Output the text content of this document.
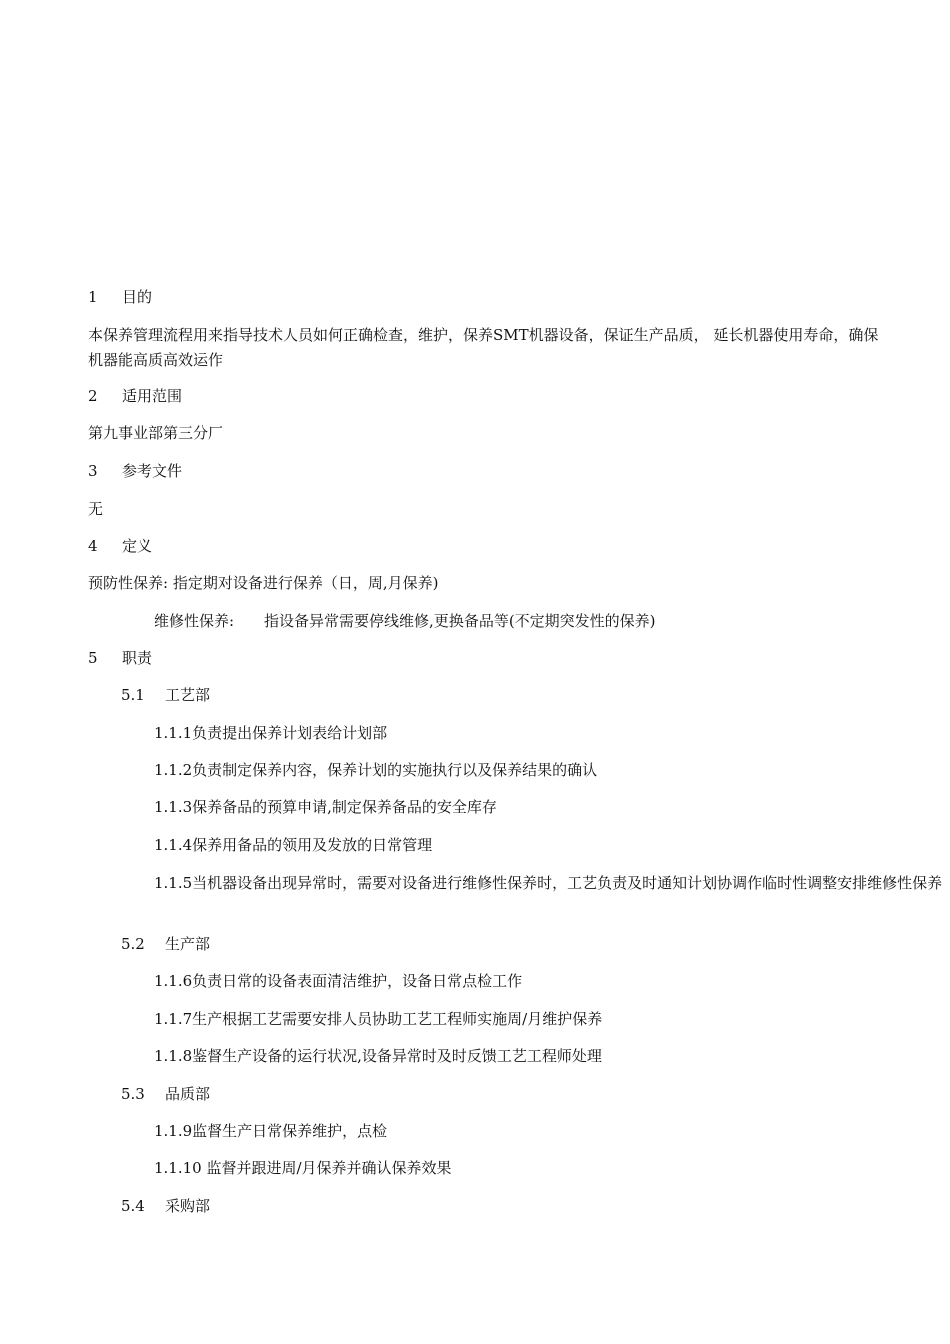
1 目的
本保养管理流程用来指导技术人员如何正确检查，维护，保养SMT机器设备，保证生产品质， 延长机器使用寿命，确保机器能高质高效运作
2 适用范围
第九事业部第三分厂
3 参考文件
无
4 定义
预防性保养: 指定期对设备进行保养（日，周,月保养)
维修性保养:　　指设备异常需要停线维修,更换备品等(不定期突发性的保养)
5 职责
5.1 工艺部
1.1.1负责提出保养计划表给计划部
1.1.2负责制定保养内容，保养计划的实施执行以及保养结果的确认
1.1.3保养备品的预算申请,制定保养备品的安全库存
1.1.4保养用备品的领用及发放的日常管理
1.1.5当机器设备出现异常时，需要对设备进行维修性保养时，工艺负责及时通知计划协调作临时性调整安排维修性保养
5.2 生产部
1.1.6负责日常的设备表面清洁维护，设备日常点检工作
1.1.7生产根据工艺需要安排人员协助工艺工程师实施周/月维护保养
1.1.8鉴督生产设备的运行状况,设备异常时及时反馈工艺工程师处理
5.3 品质部
1.1.9监督生产日常保养维护，点检
1.1.10 监督并跟进周/月保养并确认保养效果
5.4 采购部
